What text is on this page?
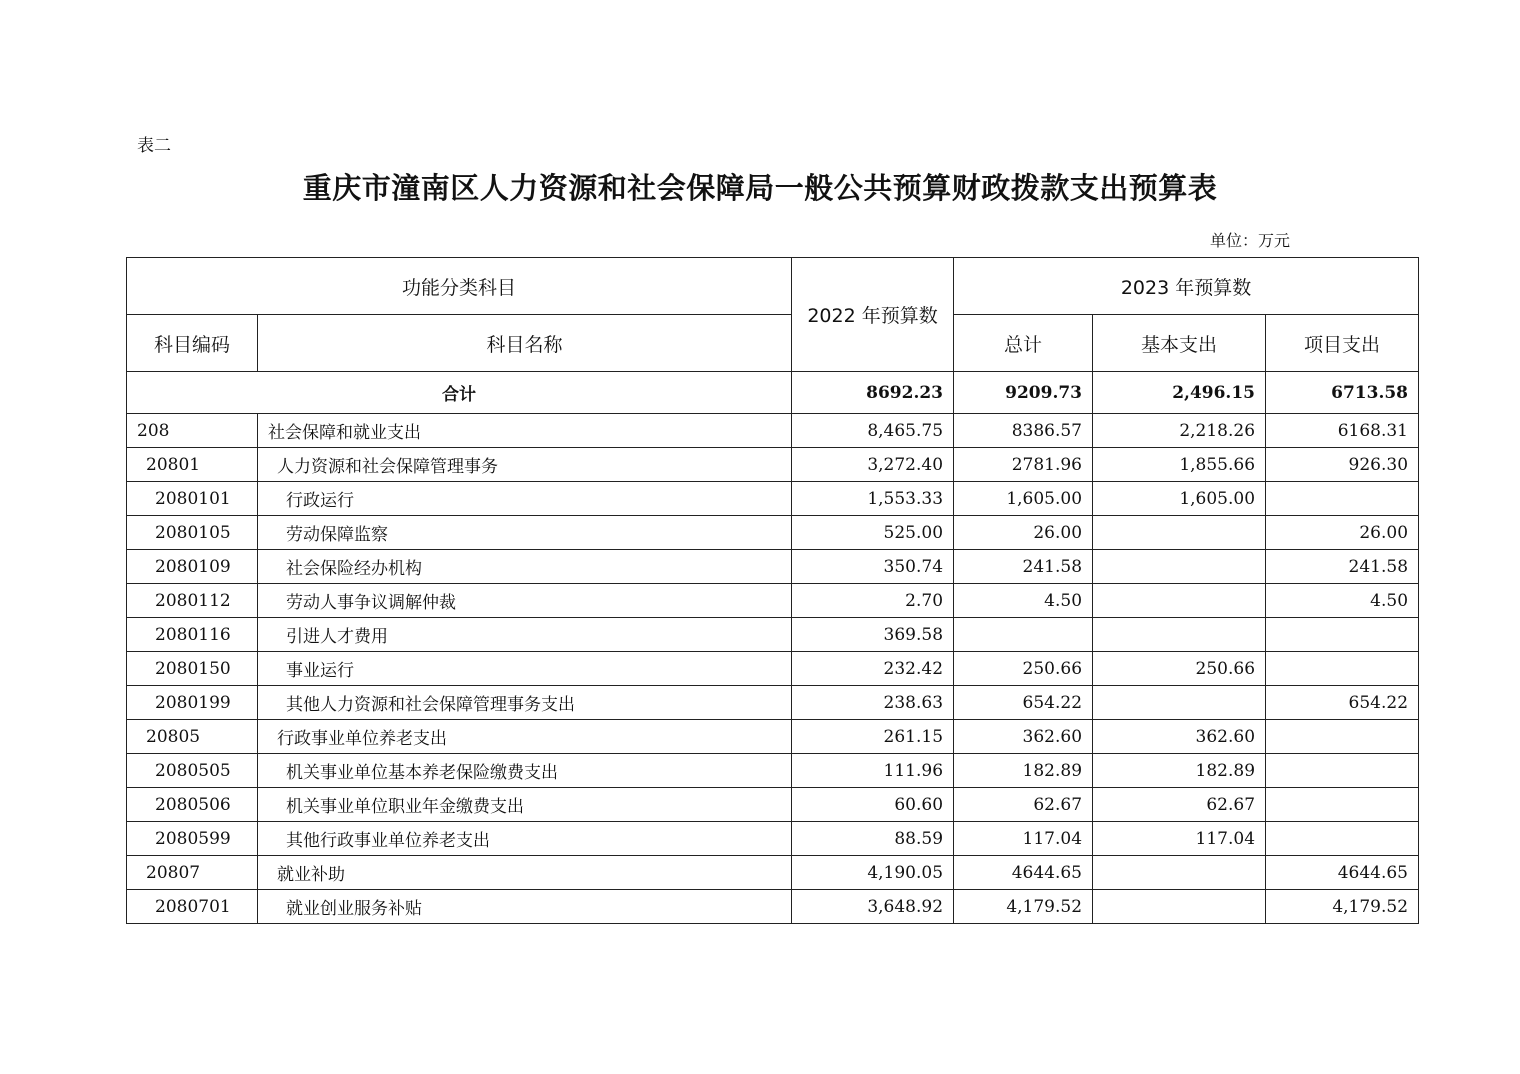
表二
重庆市潼南区人力资源和社会保障局一般公共预算财政拨款支出预算表
单位：万元
功能分类科目		2022 年预算数	2023 年预算数		
科目编码	科目名称		总计	基本支出	项目支出
合计		8692.23	9209.73	2,496.15	6713.58
208	社会保障和就业支出	8,465.75	8386.57	2,218.26	6168.31
20801	人力资源和社会保障管理事务	3,272.40	2781.96	1,855.66	926.30
2080101	行政运行	1,553.33	1,605.00	1,605.00	
2080105	劳动保障监察	525.00	26.00		26.00
2080109	社会保险经办机构	350.74	241.58		241.58
2080112	劳动人事争议调解仲裁	2.70	4.50		4.50
2080116	引进人才费用	369.58			
2080150	事业运行	232.42	250.66	250.66	
2080199	其他人力资源和社会保障管理事务支出	238.63	654.22		654.22
20805	行政事业单位养老支出	261.15	362.60	362.60	
2080505	机关事业单位基本养老保险缴费支出	111.96	182.89	182.89	
2080506	机关事业单位职业年金缴费支出	60.60	62.67	62.67	
2080599	其他行政事业单位养老支出	88.59	117.04	117.04	
20807	就业补助	4,190.05	4644.65		4644.65
2080701	就业创业服务补贴	3,648.92	4,179.52		4,179.52
